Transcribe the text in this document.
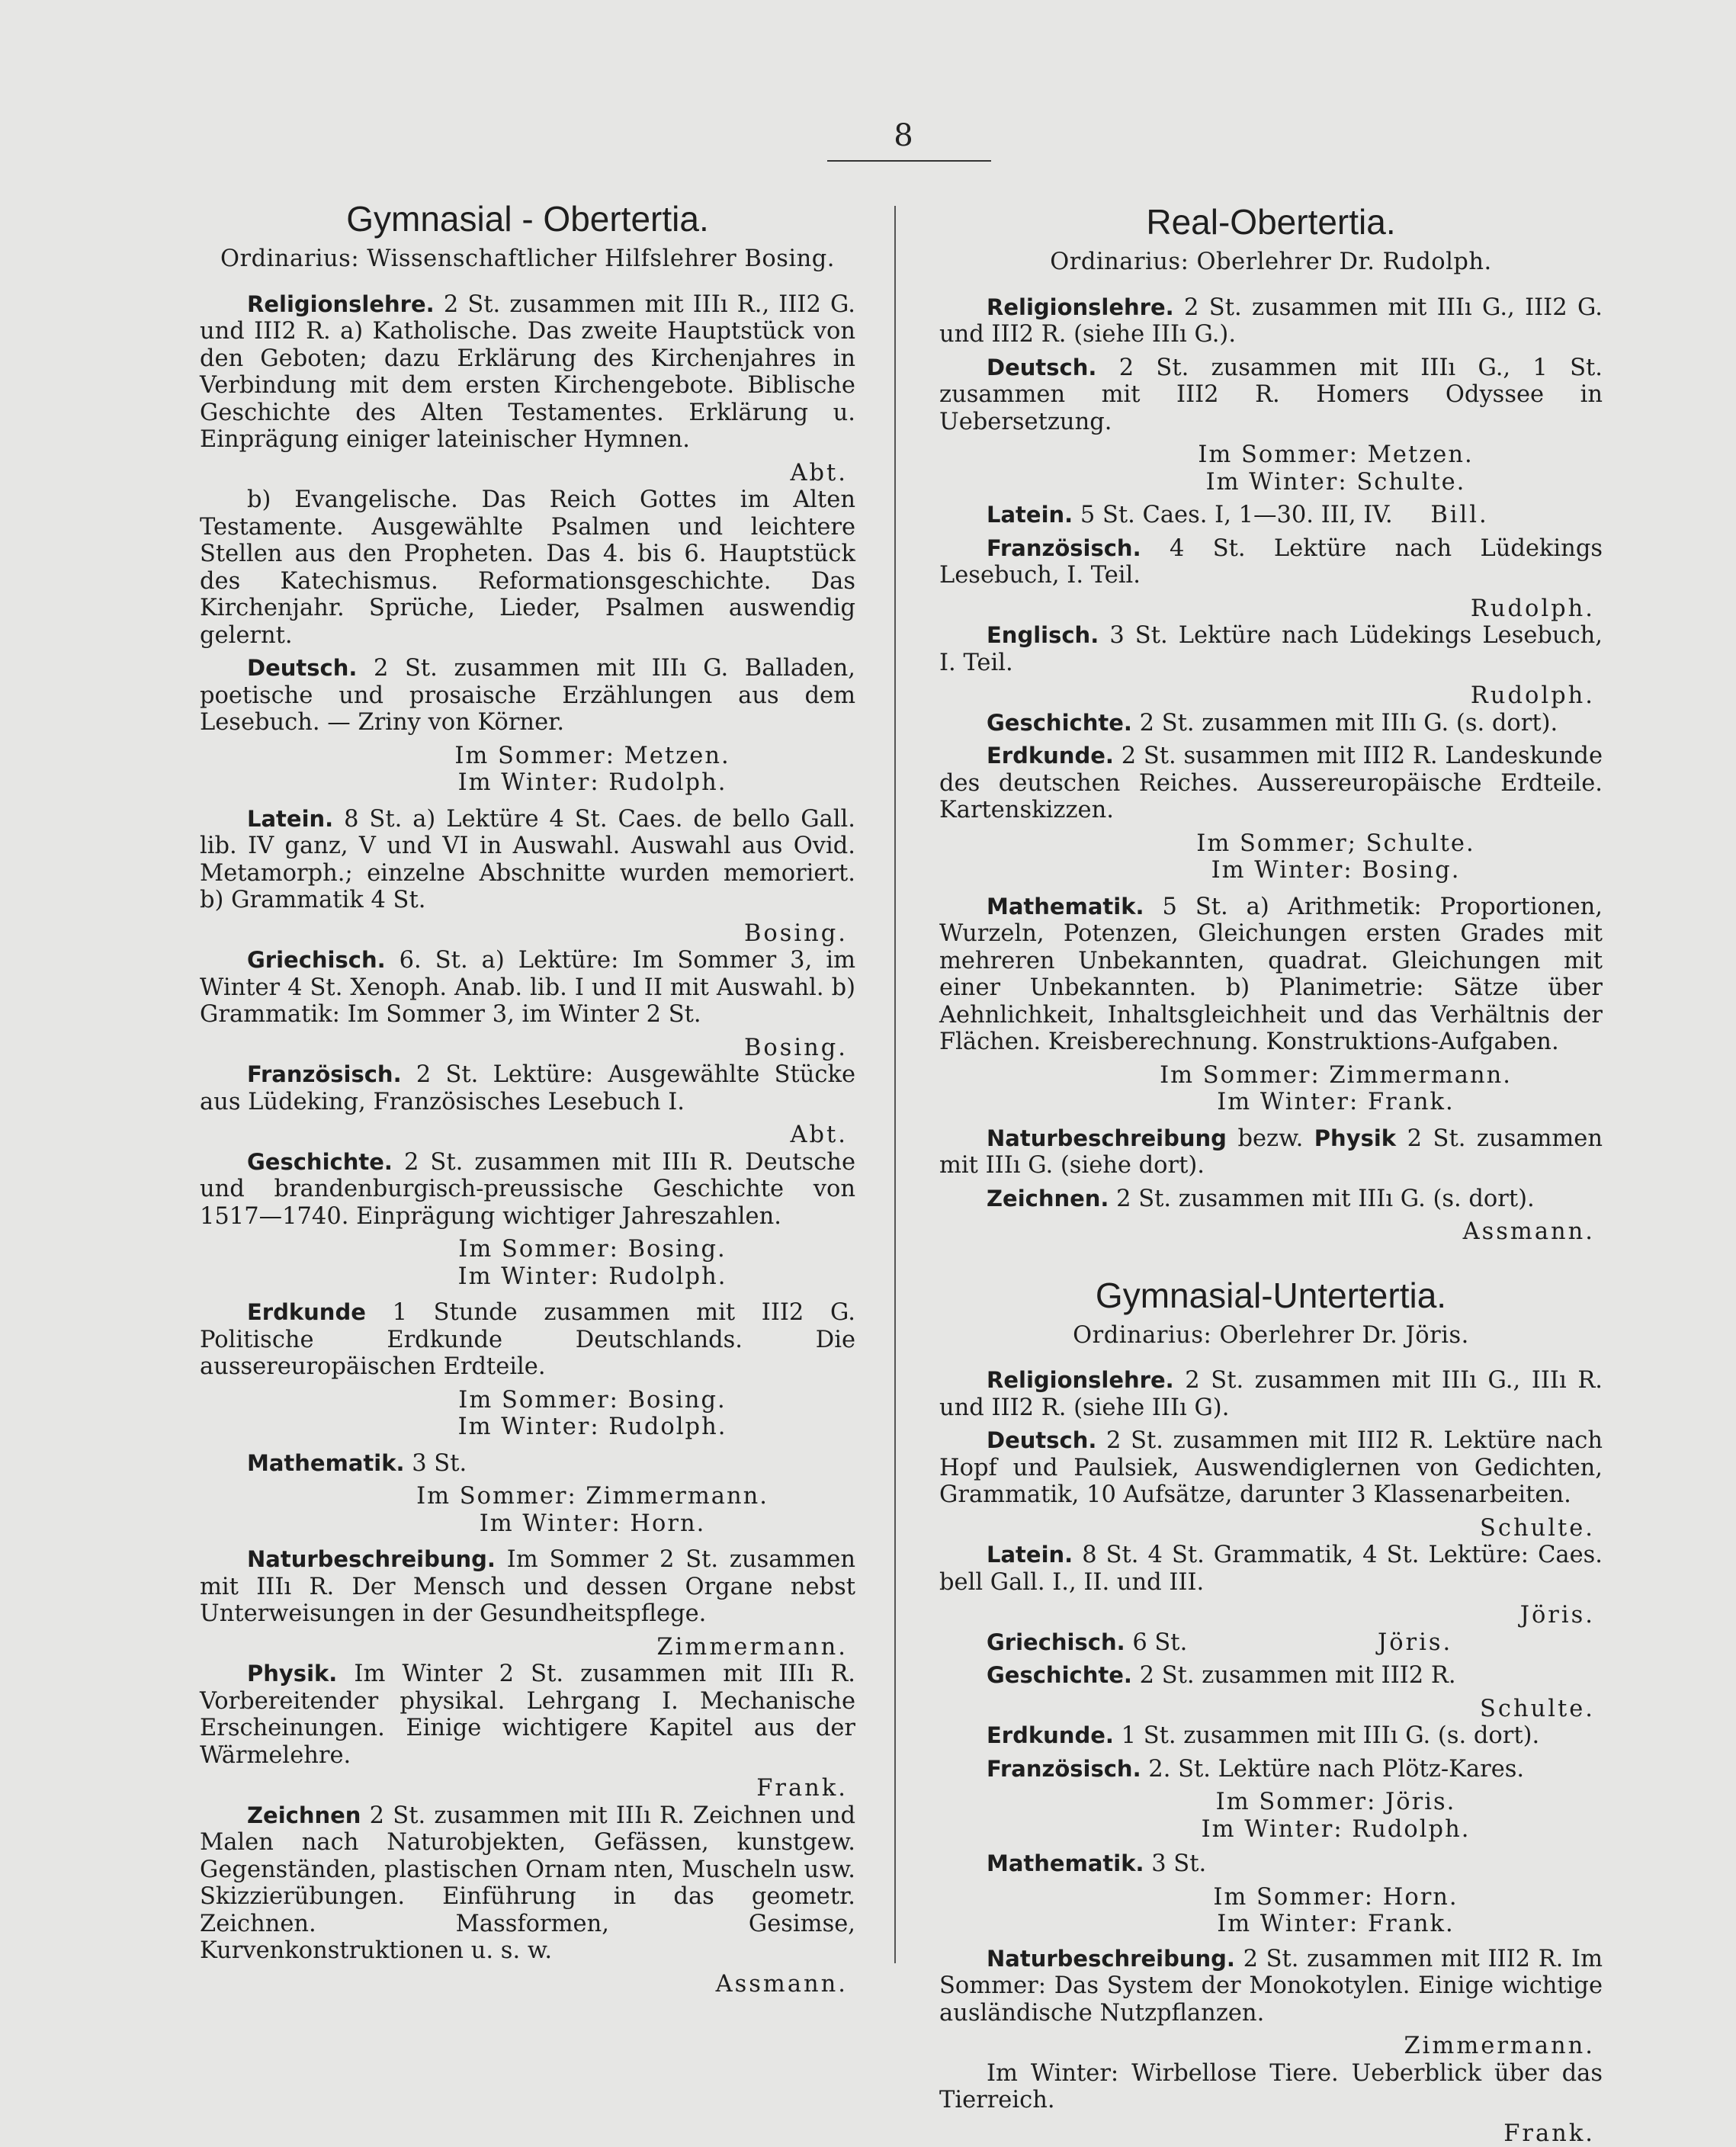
8
Gymnasial - Obertertia.

Ordinarius: Wissenschaftlicher Hilfslehrer Bosing.

Religionslehre. 2 St. zusammen mit IIIı R., III2 G. und III2 R. a) Katholische. Das zweite Hauptstück von den Geboten; dazu Erklärung des Kirchenjahres in Verbindung mit dem ersten Kirchengebote. Biblische Geschichte des Alten Testamentes. Erklärung u. Einprägung einiger lateinischer Hymnen.

Abt.

b) Evangelische. Das Reich Gottes im Alten Testamente. Ausgewählte Psalmen und leichtere Stellen aus den Propheten. Das 4. bis 6. Hauptstück des Katechismus. Reformationsgeschichte. Das Kirchenjahr. Sprüche, Lieder, Psalmen auswendig gelernt.

Deutsch. 2 St. zusammen mit IIIı G. Balladen, poetische und prosaische Erzählungen aus dem Lesebuch. — Zriny von Körner.

Im Sommer: Metzen.
Im Winter: Rudolph.

Latein. 8 St. a) Lektüre 4 St. Caes. de bello Gall. lib. IV ganz, V und VI in Auswahl. Auswahl aus Ovid. Metamorph.; einzelne Abschnitte wurden memoriert. b) Grammatik 4 St.

Bosing.

Griechisch. 6. St. a) Lektüre: Im Sommer 3, im Winter 4 St. Xenoph. Anab. lib. I und II mit Auswahl. b) Grammatik: Im Sommer 3, im Winter 2 St.

Bosing.

Französisch. 2 St. Lektüre: Ausgewählte Stücke aus Lüdeking, Französisches Lesebuch I.

Abt.

Geschichte. 2 St. zusammen mit IIIı R. Deutsche und brandenburgisch-preussische Geschichte von 1517—1740. Einprägung wichtiger Jahreszahlen.

Im Sommer: Bosing.
Im Winter: Rudolph.

Erdkunde 1 Stunde zusammen mit III2 G. Politische Erdkunde Deutschlands. Die aussereuropäischen Erdteile.

Im Sommer: Bosing.
Im Winter: Rudolph.

Mathematik. 3 St.

Im Sommer: Zimmermann.
Im Winter: Horn.

Naturbeschreibung. Im Sommer 2 St. zusammen mit IIIı R. Der Mensch und dessen Organe nebst Unterweisungen in der Gesundheitspflege.

Zimmermann.

Physik. Im Winter 2 St. zusammen mit IIIı R. Vorbereitender physikal. Lehrgang I. Mechanische Erscheinungen. Einige wichtigere Kapitel aus der Wärmelehre.

Frank.

Zeichnen 2 St. zusammen mit IIIı R. Zeichnen und Malen nach Naturobjekten, Gefässen, kunstgew. Gegenständen, plastischen Ornam nten, Muscheln usw. Skizzierübungen. Einführung in das geometr. Zeichnen. Massformen, Gesimse, Kurvenkonstruktionen u. s. w.

Assmann.
Real-Obertertia.

Ordinarius: Oberlehrer Dr. Rudolph.

Religionslehre. 2 St. zusammen mit IIIı G., III2 G. und III2 R. (siehe IIIı G.).

Deutsch. 2 St. zusammen mit IIIı G., 1 St. zusammen mit III2 R. Homers Odyssee in Uebersetzung.

Im Sommer: Metzen.
Im Winter: Schulte.

Latein. 5 St. Caes. I, 1—30. III, IV. Bill.

Französisch. 4 St. Lektüre nach Lüdekings Lesebuch, I. Teil.

Rudolph.

Englisch. 3 St. Lektüre nach Lüdekings Lesebuch, I. Teil.

Rudolph.

Geschichte. 2 St. zusammen mit IIIı G. (s. dort).

Erdkunde. 2 St. susammen mit III2 R. Landeskunde des deutschen Reiches. Aussereuropäische Erdteile. Kartenskizzen.

Im Sommer; Schulte.
Im Winter: Bosing.

Mathematik. 5 St. a) Arithmetik: Proportionen, Wurzeln, Potenzen, Gleichungen ersten Grades mit mehreren Unbekannten, quadrat. Gleichungen mit einer Unbekannten. b) Planimetrie: Sätze über Aehnlichkeit, Inhaltsgleichheit und das Verhältnis der Flächen. Kreisberechnung. Konstruktions-Aufgaben.

Im Sommer: Zimmermann.
Im Winter: Frank.

Naturbeschreibung bezw. Physik 2 St. zusammen mit IIIı G. (siehe dort).

Zeichnen. 2 St. zusammen mit IIIı G. (s. dort).

Assmann.
Gymnasial-Untertertia.

Ordinarius: Oberlehrer Dr. Jöris.

Religionslehre. 2 St. zusammen mit IIIı G., IIIı R. und III2 R. (siehe IIIı G).

Deutsch. 2 St. zusammen mit III2 R. Lektüre nach Hopf und Paulsiek, Auswendiglernen von Gedichten, Grammatik, 10 Aufsätze, darunter 3 Klassenarbeiten.

Schulte.

Latein. 8 St. 4 St. Grammatik, 4 St. Lektüre: Caes. bell Gall. I., II. und III.

Jöris.

Griechisch. 6 St.	Jöris.

Geschichte. 2 St. zusammen mit III2 R.

Schulte.

Erdkunde. 1 St. zusammen mit IIIı G. (s. dort).

Französisch. 2. St. Lektüre nach Plötz-Kares.

Im Sommer: Jöris.
Im Winter: Rudolph.

Mathematik. 3 St.

Im Sommer: Horn.
Im Winter: Frank.

Naturbeschreibung. 2 St. zusammen mit III2 R. Im Sommer: Das System der Monokotylen. Einige wichtige ausländische Nutzpflanzen.

Zimmermann.

Im Winter: Wirbellose Tiere. Ueberblick über das Tierreich.

Frank.
